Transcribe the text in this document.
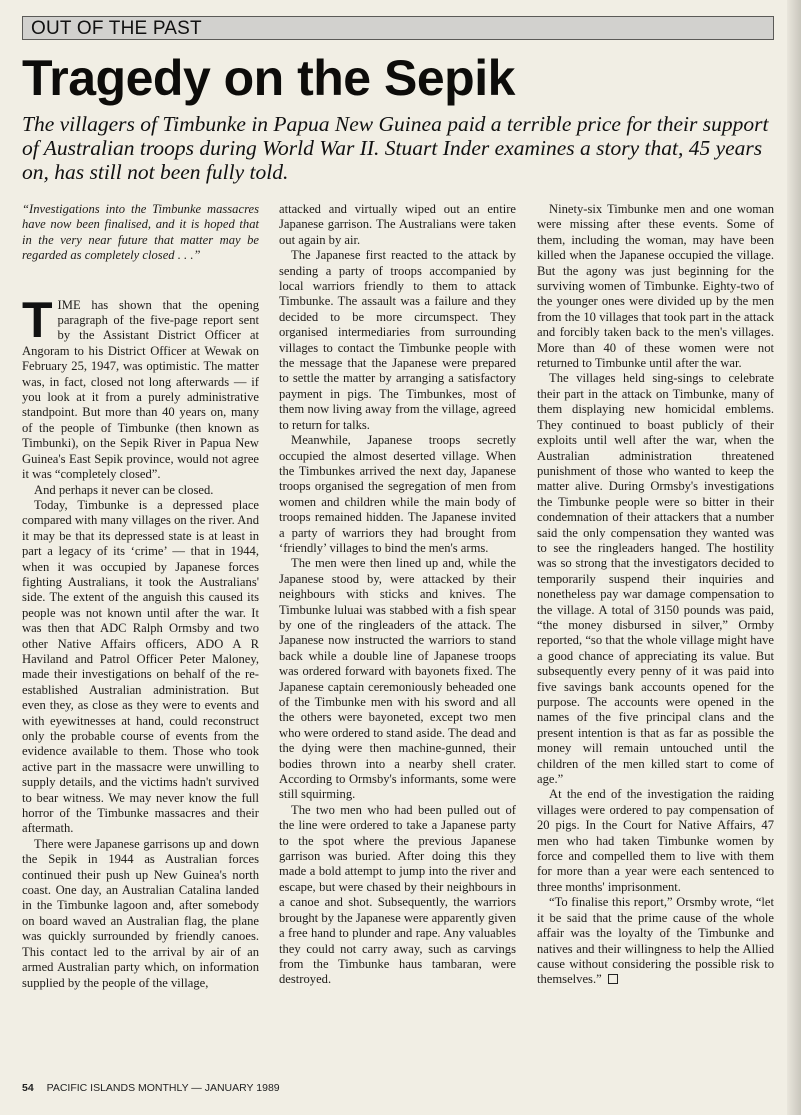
OUT OF THE PAST
Tragedy on the Sepik

The villagers of Timbunke in Papua New Guinea paid a terrible price for their support of Australian troops during World War II. Stuart Inder examines a story that, 45 years on, has still not been fully told.

“Investigations into the Timbunke massacres have now been finalised, and it is hoped that in the very near future that matter may be regarded as completely closed . . .”

TIME has shown that the opening paragraph of the five-page report sent by the Assistant District Officer at Angoram to his District Officer at Wewak on February 25, 1947, was optimistic. The matter was, in fact, closed not long afterwards — if you look at it from a purely administrative standpoint. But more than 40 years on, many of the people of Timbunke (then known as Timbunki), on the Sepik River in Papua New Guinea's East Sepik province, would not agree it was “completely closed”.

And perhaps it never can be closed.

Today, Timbunke is a depressed place compared with many villages on the river. And it may be that its depressed state is at least in part a legacy of its ‘crime’ — that in 1944, when it was occupied by Japanese forces fighting Australians, it took the Australians' side. The extent of the anguish this caused its people was not known until after the war. It was then that ADC Ralph Ormsby and two other Native Affairs officers, ADO A R Haviland and Patrol Officer Peter Maloney, made their investigations on behalf of the re-established Australian administration. But even they, as close as they were to events and with eyewitnesses at hand, could reconstruct only the probable course of events from the evidence available to them. Those who took active part in the massacre were unwilling to supply details, and the victims hadn't survived to bear witness. We may never know the full horror of the Timbunke massacres and their aftermath.

There were Japanese garrisons up and down the Sepik in 1944 as Australian forces continued their push up New Guinea's north coast. One day, an Australian Catalina landed in the Timbunke lagoon and, after somebody on board waved an Australian flag, the plane was quickly surrounded by friendly canoes. This contact led to the arrival by air of an armed Australian party which, on information supplied by the people of the village,

attacked and virtually wiped out an entire Japanese garrison. The Australians were taken out again by air.

The Japanese first reacted to the attack by sending a party of troops accompanied by local warriors friendly to them to attack Timbunke. The assault was a failure and they decided to be more circumspect. They organised intermediaries from surrounding villages to contact the Timbunke people with the message that the Japanese were prepared to settle the matter by arranging a satisfactory payment in pigs. The Timbunkes, most of them now living away from the village, agreed to return for talks.

Meanwhile, Japanese troops secretly occupied the almost deserted village. When the Timbunkes arrived the next day, Japanese troops organised the segregation of men from women and children while the main body of troops remained hidden. The Japanese invited a party of warriors they had brought from ‘friendly’ villages to bind the men's arms.

The men were then lined up and, while the Japanese stood by, were attacked by their neighbours with sticks and knives. The Timbunke luluai was stabbed with a fish spear by one of the ringleaders of the attack. The Japanese now instructed the warriors to stand back while a double line of Japanese troops was ordered forward with bayonets fixed. The Japanese captain ceremoniously beheaded one of the Timbunke men with his sword and all the others were bayoneted, except two men who were ordered to stand aside. The dead and the dying were then machine-gunned, their bodies thrown into a nearby shell crater. According to Ormsby's informants, some were still squirming.

The two men who had been pulled out of the line were ordered to take a Japanese party to the spot where the previous Japanese garrison was buried. After doing this they made a bold attempt to jump into the river and escape, but were chased by their neighbours in a canoe and shot. Subsequently, the warriors brought by the Japanese were apparently given a free hand to plunder and rape. Any valuables they could not carry away, such as carvings from the Timbunke haus tambaran, were destroyed.

Ninety-six Timbunke men and one woman were missing after these events. Some of them, including the woman, may have been killed when the Japanese occupied the village. But the agony was just beginning for the surviving women of Timbunke. Eighty-two of the younger ones were divided up by the men from the 10 villages that took part in the attack and forcibly taken back to the men's villages. More than 40 of these women were not returned to Timbunke until after the war.

The villages held sing-sings to celebrate their part in the attack on Timbunke, many of them displaying new homicidal emblems. They continued to boast publicly of their exploits until well after the war, when the Australian administration threatened punishment of those who wanted to keep the matter alive. During Ormsby's investigations the Timbunke people were so bitter in their condemnation of their attackers that a number said the only compensation they wanted was to see the ringleaders hanged. The hostility was so strong that the investigators decided to temporarily suspend their inquiries and nonetheless pay war damage compensation to the village. A total of 3150 pounds was paid, “the money disbursed in silver,” Ormby reported, “so that the whole village might have a good chance of appreciating its value. But subsequently every penny of it was paid into five savings bank accounts opened for the purpose. The accounts were opened in the names of the five principal clans and the present intention is that as far as possible the money will remain untouched until the children of the men killed start to come of age.”

At the end of the investigation the raiding villages were ordered to pay compensation of 20 pigs. In the Court for Native Affairs, 47 men who had taken Timbunke women by force and compelled them to live with them for more than a year were each sentenced to three months' imprisonment.

“To finalise this report,” Orsmby wrote, “let it be said that the prime cause of the whole affair was the loyalty of the Timbunke and natives and their willingness to help the Allied cause without considering the possible risk to themselves.”

54 PACIFIC ISLANDS MONTHLY — JANUARY 1989
